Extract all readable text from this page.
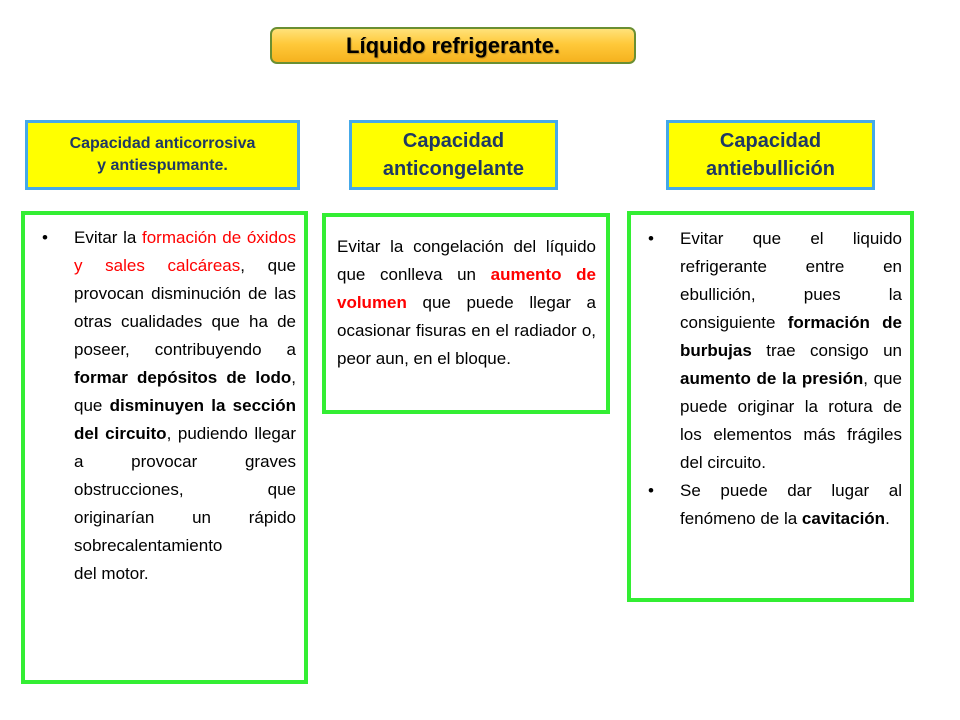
Líquido refrigerante.
Capacidad anticorrosiva
y antiespumante.
Capacidad
anticongelante
Capacidad
antiebullición
• Evitar la formación de óxidos y sales calcáreas, que provocan disminución de las otras cualidades que ha de poseer, contribuyendo a formar depósitos de lodo, que disminuyen la sección del circuito, pudiendo llegar a provocar graves obstrucciones, que originarían un rápido sobrecalentamiento
del motor.
Evitar la congelación del líquido que conlleva un aumento de volumen que puede llegar a ocasionar fisuras en el radiador o, peor aun, en el bloque.
• Evitar que el liquido refrigerante entre en ebullición, pues la consiguiente formación de burbujas trae consigo un aumento de la presión, que puede originar la rotura de los elementos más frágiles del circuito.
• Se puede dar lugar al fenómeno de la cavitación.
